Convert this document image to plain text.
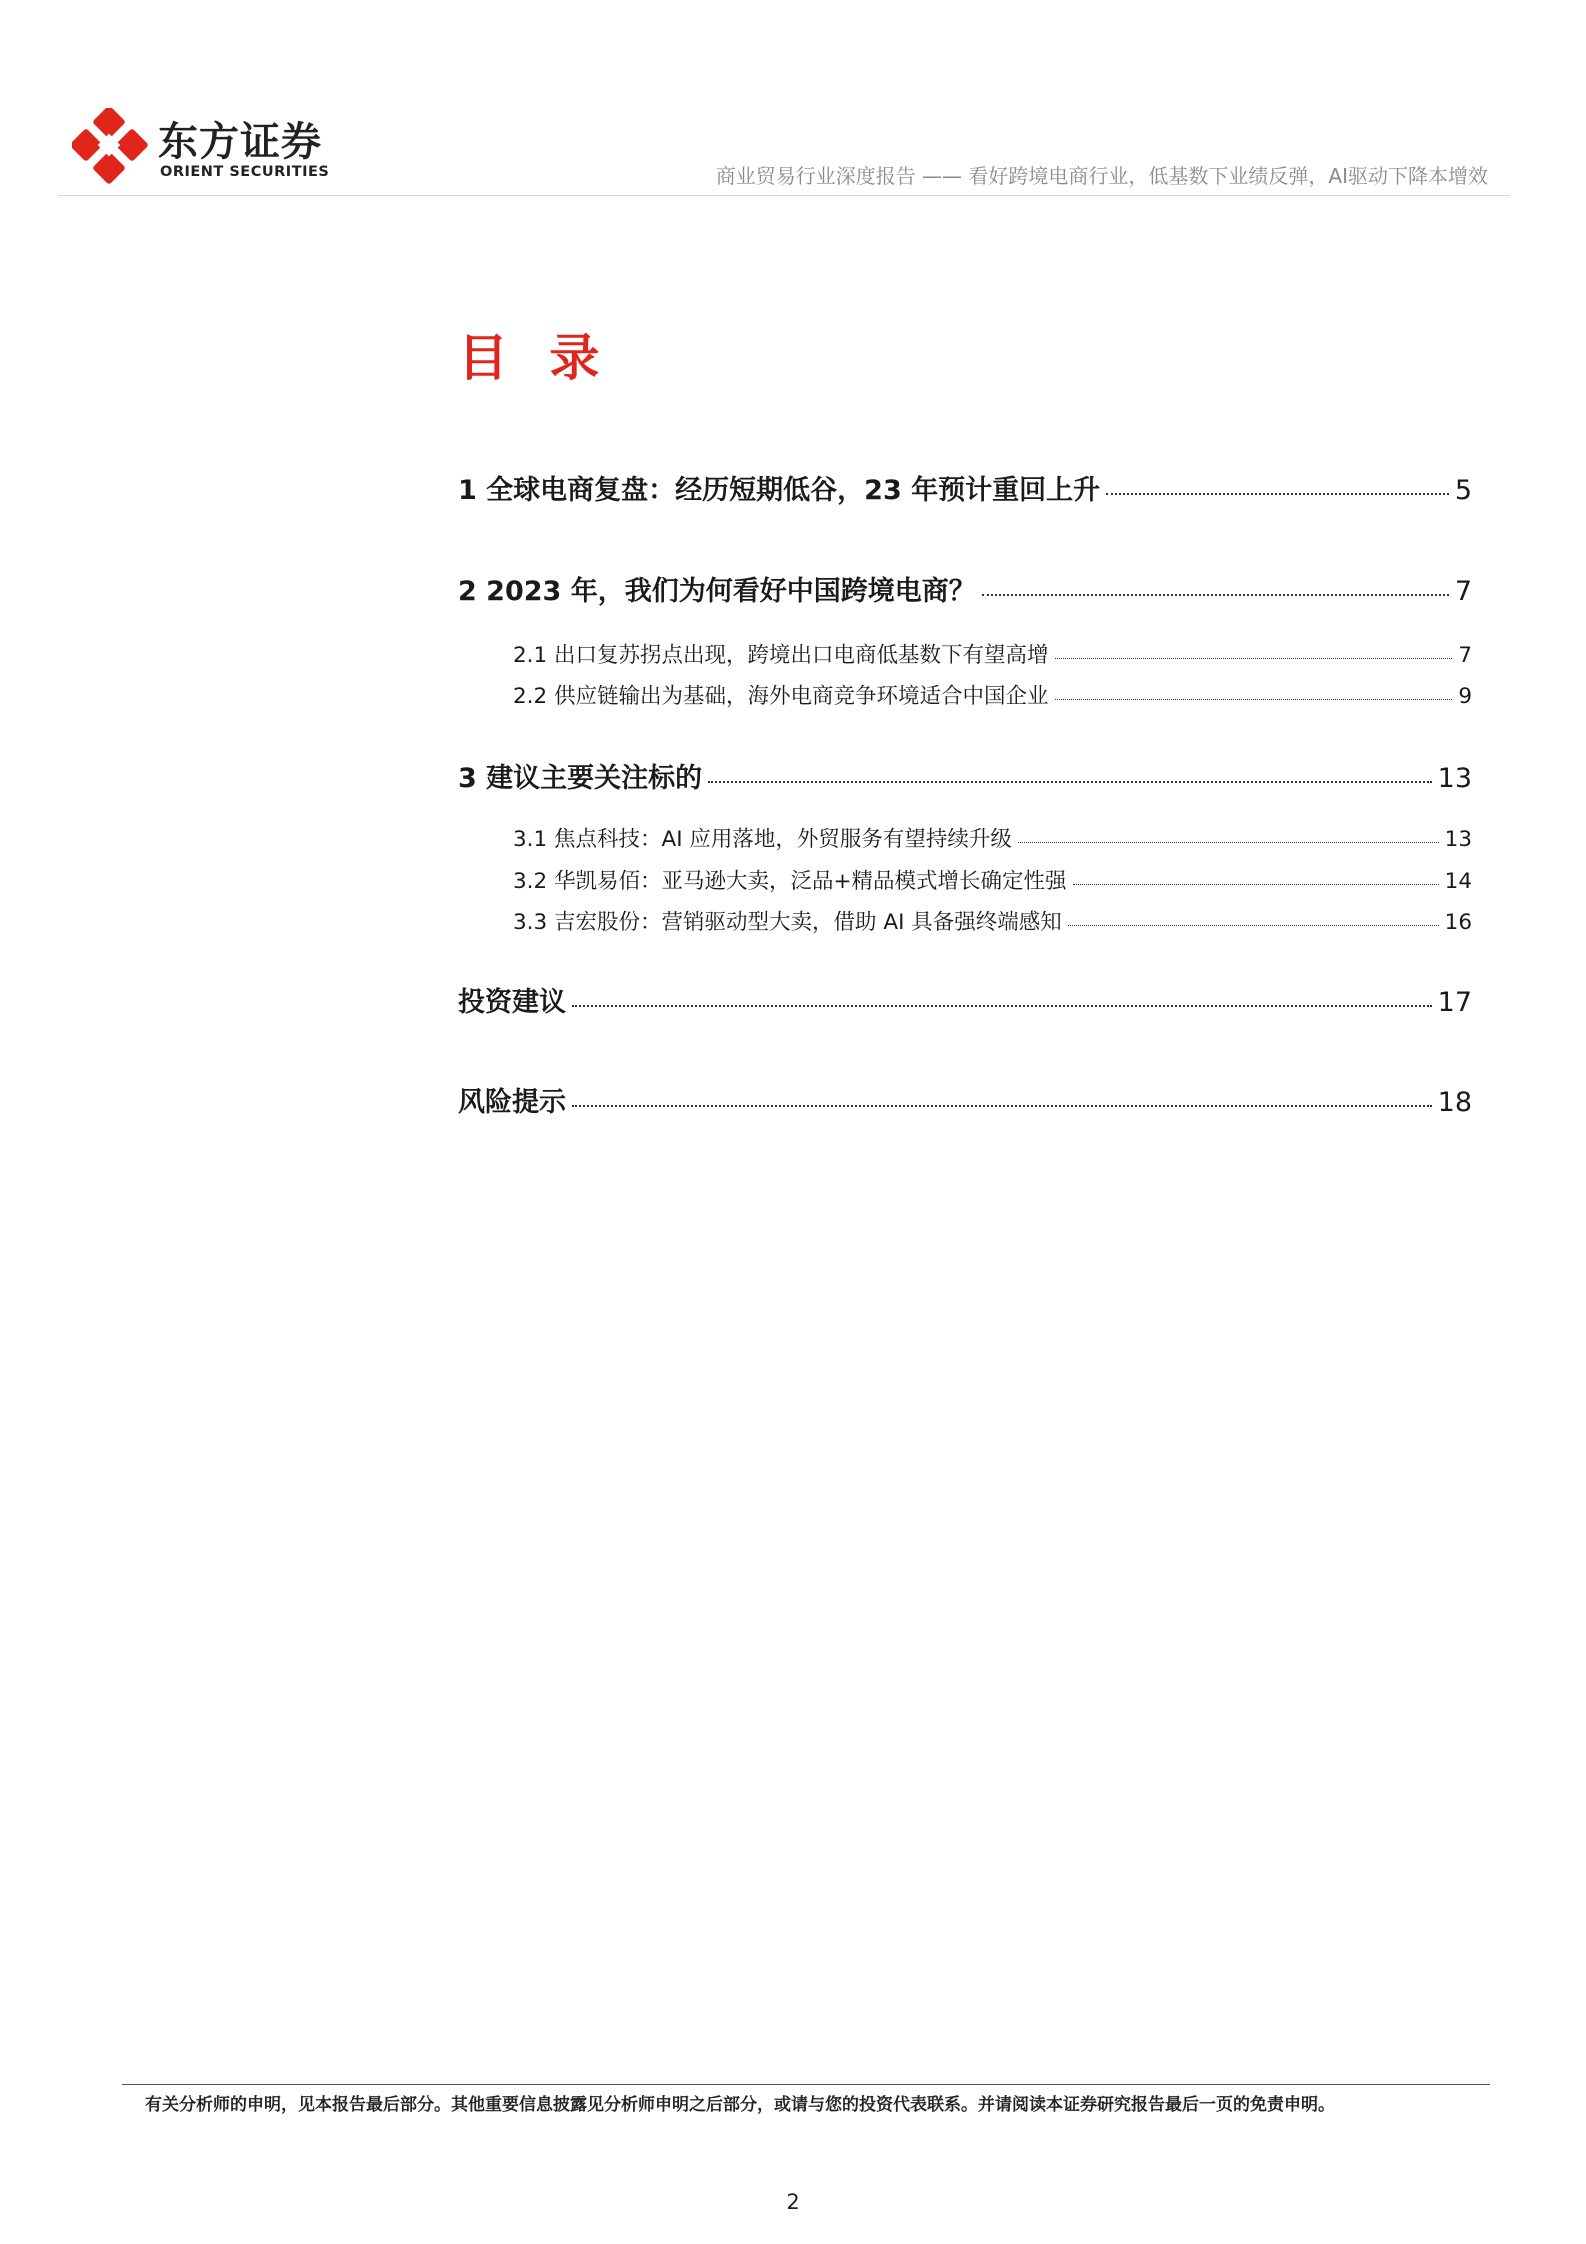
东方证券
ORIENT SECURITIES	商业贸易行业深度报告 —— 看好跨境电商行业，低基数下业绩反弹，AI驱动下降本增效
目 录
1 全球电商复盘：经历短期低谷，23 年预计重回上升	5
2 2023 年，我们为何看好中国跨境电商？	7
2.1 出口复苏拐点出现，跨境出口电商低基数下有望高增	7
2.2 供应链输出为基础，海外电商竞争环境适合中国企业	9
3 建议主要关注标的	13
3.1 焦点科技：AI 应用落地，外贸服务有望持续升级	13
3.2 华凯易佰：亚马逊大卖，泛品+精品模式增长确定性强	14
3.3 吉宏股份：营销驱动型大卖，借助 AI 具备强终端感知	16
投资建议	17
风险提示	18
有关分析师的申明，见本报告最后部分。其他重要信息披露见分析师申明之后部分，或请与您的投资代表联系。并请阅读本证券研究报告最后一页的免责申明。
2
